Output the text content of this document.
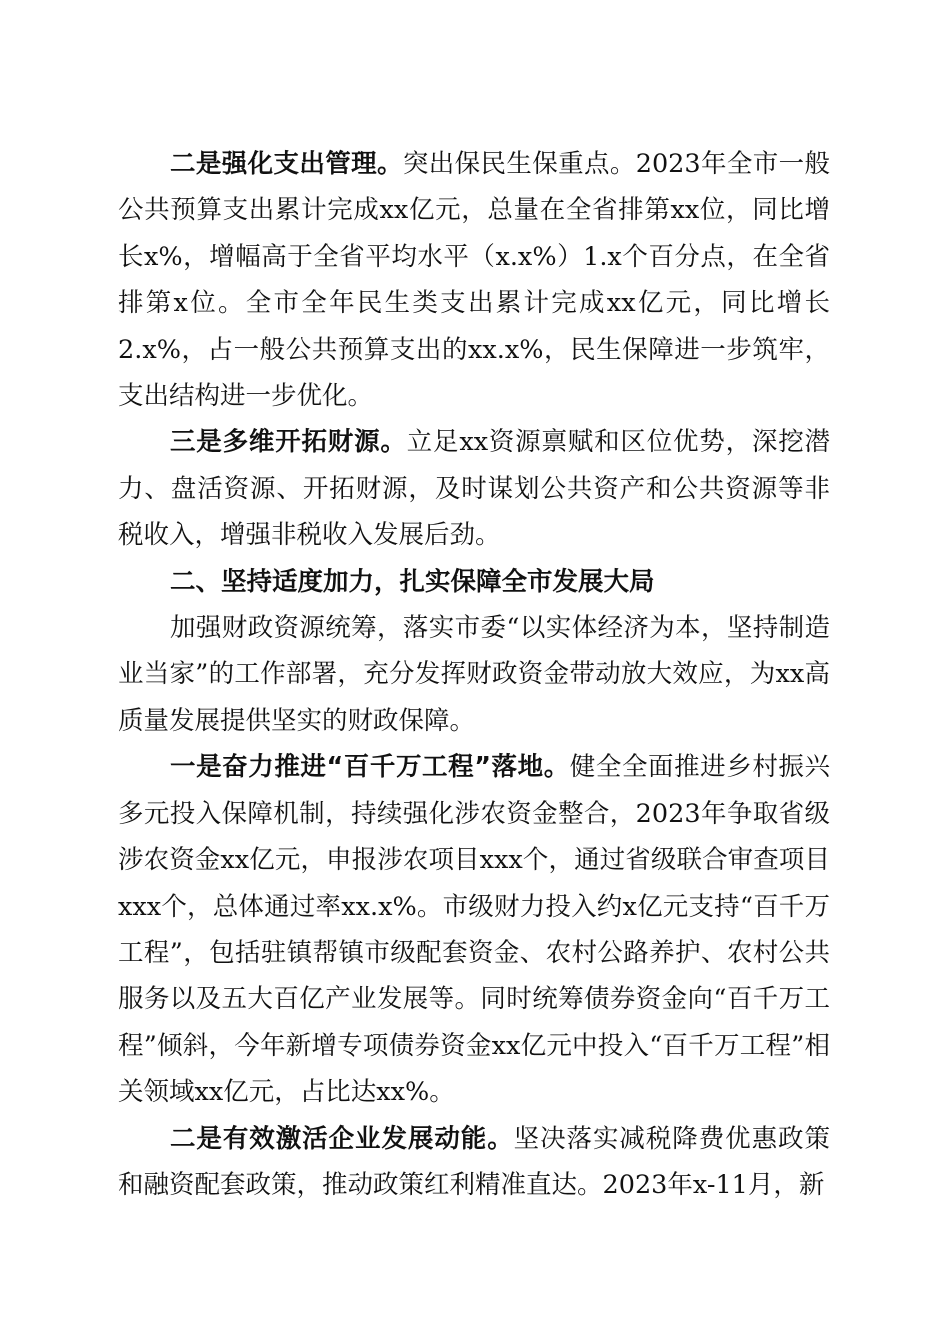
二是强化支出管理。突出保民生保重点。2023年全市一般公共预算支出累计完成xx亿元，总量在全省排第xx位，同比增长x%，增幅高于全省平均水平（x.x%）1.x个百分点，在全省排第x位。全市全年民生类支出累计完成xx亿元，同比增长2.x%，占一般公共预算支出的xx.x%，民生保障进一步筑牢，支出结构进一步优化。

三是多维开拓财源。立足xx资源禀赋和区位优势，深挖潜力、盘活资源、开拓财源，及时谋划公共资产和公共资源等非税收入，增强非税收入发展后劲。

二、坚持适度加力，扎实保障全市发展大局

加强财政资源统筹，落实市委“以实体经济为本，坚持制造业当家”的工作部署，充分发挥财政资金带动放大效应，为xx高质量发展提供坚实的财政保障。

一是奋力推进“百千万工程”落地。健全全面推进乡村振兴多元投入保障机制，持续强化涉农资金整合，2023年争取省级涉农资金xx亿元，申报涉农项目xxx个，通过省级联合审查项目xxx个，总体通过率xx.x%。市级财力投入约x亿元支持“百千万工程”，包括驻镇帮镇市级配套资金、农村公路养护、农村公共服务以及五大百亿产业发展等。同时统筹债券资金向“百千万工程”倾斜，今年新增专项债券资金xx亿元中投入“百千万工程”相关领域xx亿元，占比达xx%。

二是有效激活企业发展动能。坚决落实减税降费优惠政策和融资配套政策，推动政策红利精准直达。2023年x-11月，新
